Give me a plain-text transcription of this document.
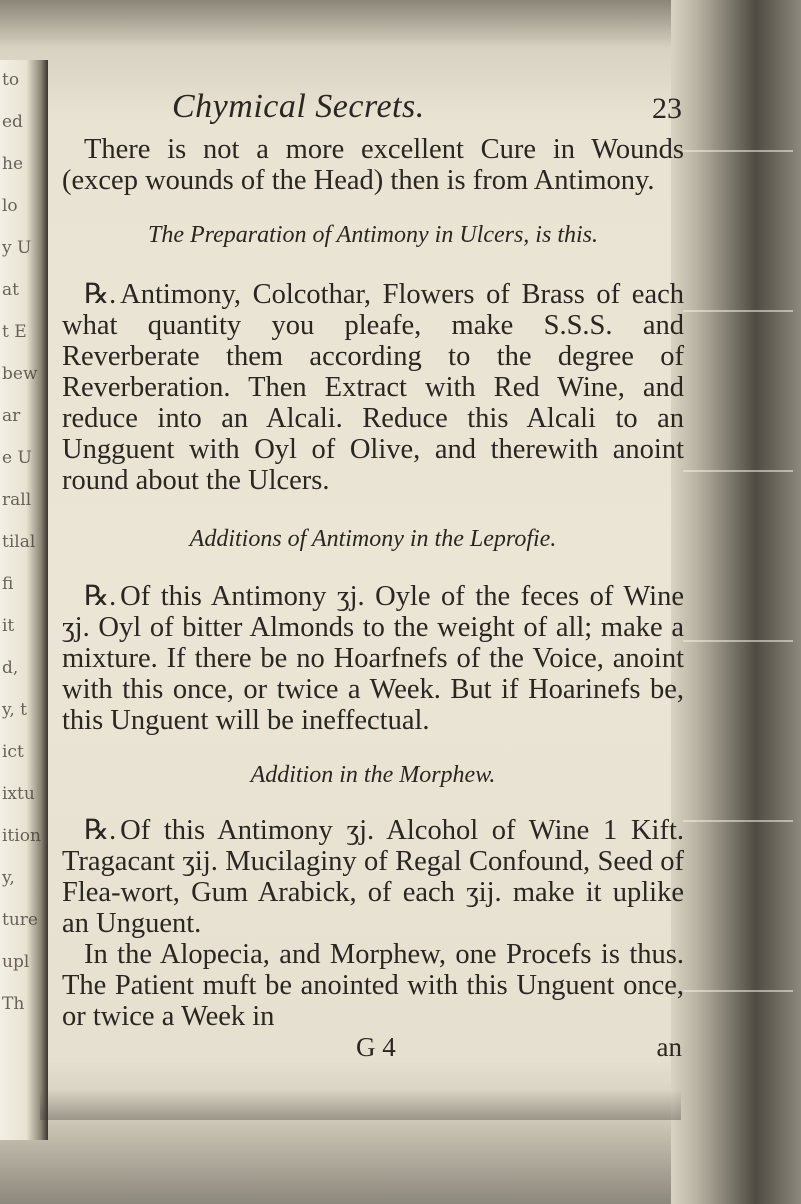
to
ed
he
lo
y U
at
t E
bew
ar
e U
rall
tilal
fi
it
d,
y, t
ict
ixtu
ition
y,
ture
upl
Th
Chymical Secrets.	23

There is not a more excellent Cure in Wounds (excep wounds of the Head) then is from Antimony.

The Preparation of Antimony in Ulcers, is this.

℞. Antimony, Colcothar, Flowers of Brass of each what quantity you pleafe, make S.S.S. and Reverberate them according to the degree of Reverberation. Then Extract with Red Wine, and reduce into an Alcali. Reduce this Alcali to an Ungguent with Oyl of Olive, and therewith anoint round about the Ulcers.

Additions of Antimony in the Leprofie.

℞. Of this Antimony ʒj. Oyle of the feces of Wine ʒj. Oyl of bitter Almonds to the weight of all; make a mixture. If there be no Hoarfnefs of the Voice, anoint with this once, or twice a Week. But if Hoarinefs be, this Unguent will be ineffectual.

Addition in the Morphew.

℞. Of this Antimony ʒj. Alcohol of Wine 1 Kift. Tragacant ʒij. Mucilaginy of Regal Confound, Seed of Flea-wort, Gum Arabick, of each ʒij. make it uplike an Unguent.

In the Alopecia, and Morphew, one Procefs is thus. The Patient muft be anointed with this Unguent once, or twice a Week in

G 4	an
